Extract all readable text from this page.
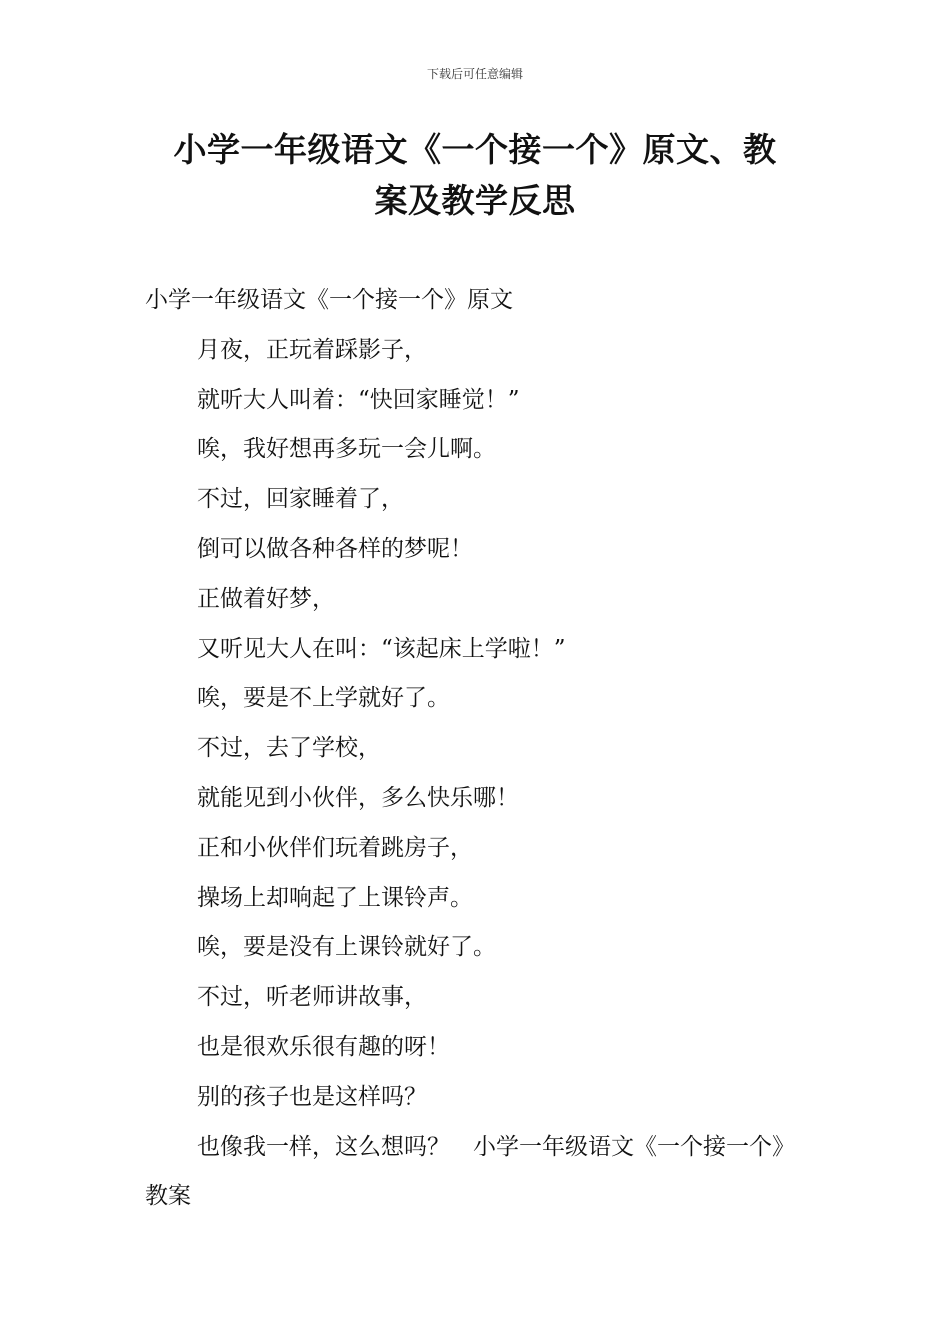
下载后可任意编辑
小学一年级语文《一个接一个》原文、教
案及教学反思

小学一年级语文《一个接一个》原文

月夜，正玩着踩影子，

就听大人叫着：“快回家睡觉！”

唉，我好想再多玩一会儿啊。

不过，回家睡着了，

倒可以做各种各样的梦呢！

正做着好梦，

又听见大人在叫：“该起床上学啦！”

唉，要是不上学就好了。

不过，去了学校，

就能见到小伙伴，多么快乐哪！

正和小伙伴们玩着跳房子，

操场上却响起了上课铃声。

唉，要是没有上课铃就好了。

不过，听老师讲故事，

也是很欢乐很有趣的呀！

别的孩子也是这样吗？

也像我一样，这么想吗？　小学一年级语文《一个接一个》教案
